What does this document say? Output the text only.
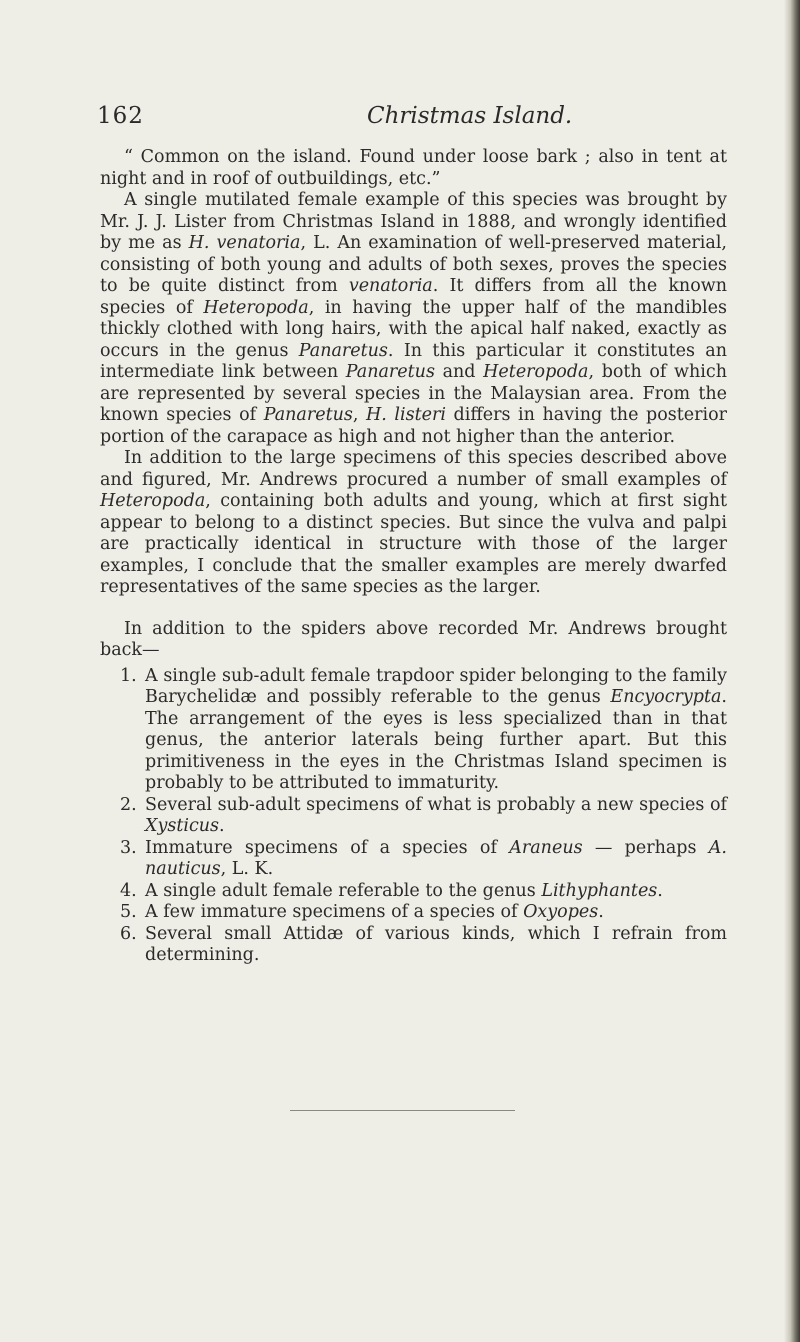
162	Christmas Island.

“ Common on the island. Found under loose bark ; also in tent at night and in roof of outbuildings, etc.”

A single mutilated female example of this species was brought by Mr. J. J. Lister from Christmas Island in 1888, and wrongly identified by me as H. venatoria, L. An examination of well-preserved material, consisting of both young and adults of both sexes, proves the species to be quite distinct from venatoria. It differs from all the known species of Heteropoda, in having the upper half of the mandibles thickly clothed with long hairs, with the apical half naked, exactly as occurs in the genus Panaretus. In this particular it constitutes an intermediate link between Panaretus and Heteropoda, both of which are represented by several species in the Malaysian area. From the known species of Panaretus, H. listeri differs in having the posterior portion of the carapace as high and not higher than the anterior.

In addition to the large specimens of this species described above and figured, Mr. Andrews procured a number of small examples of Heteropoda, containing both adults and young, which at first sight appear to belong to a distinct species. But since the vulva and palpi are practically identical in structure with those of the larger examples, I conclude that the smaller examples are merely dwarfed representatives of the same species as the larger.

In addition to the spiders above recorded Mr. Andrews brought back—

1. A single sub-adult female trapdoor spider belonging to the family Barychelidæ and possibly referable to the genus Encyocrypta. The arrangement of the eyes is less specialized than in that genus, the anterior laterals being further apart. But this primitiveness in the eyes in the Christmas Island specimen is probably to be attributed to immaturity.
2. Several sub-adult specimens of what is probably a new species of Xysticus.
3. Immature specimens of a species of Araneus — perhaps A. nauticus, L. K.
4. A single adult female referable to the genus Lithyphantes.
5. A few immature specimens of a species of Oxyopes.
6. Several small Attidæ of various kinds, which I refrain from determining.
